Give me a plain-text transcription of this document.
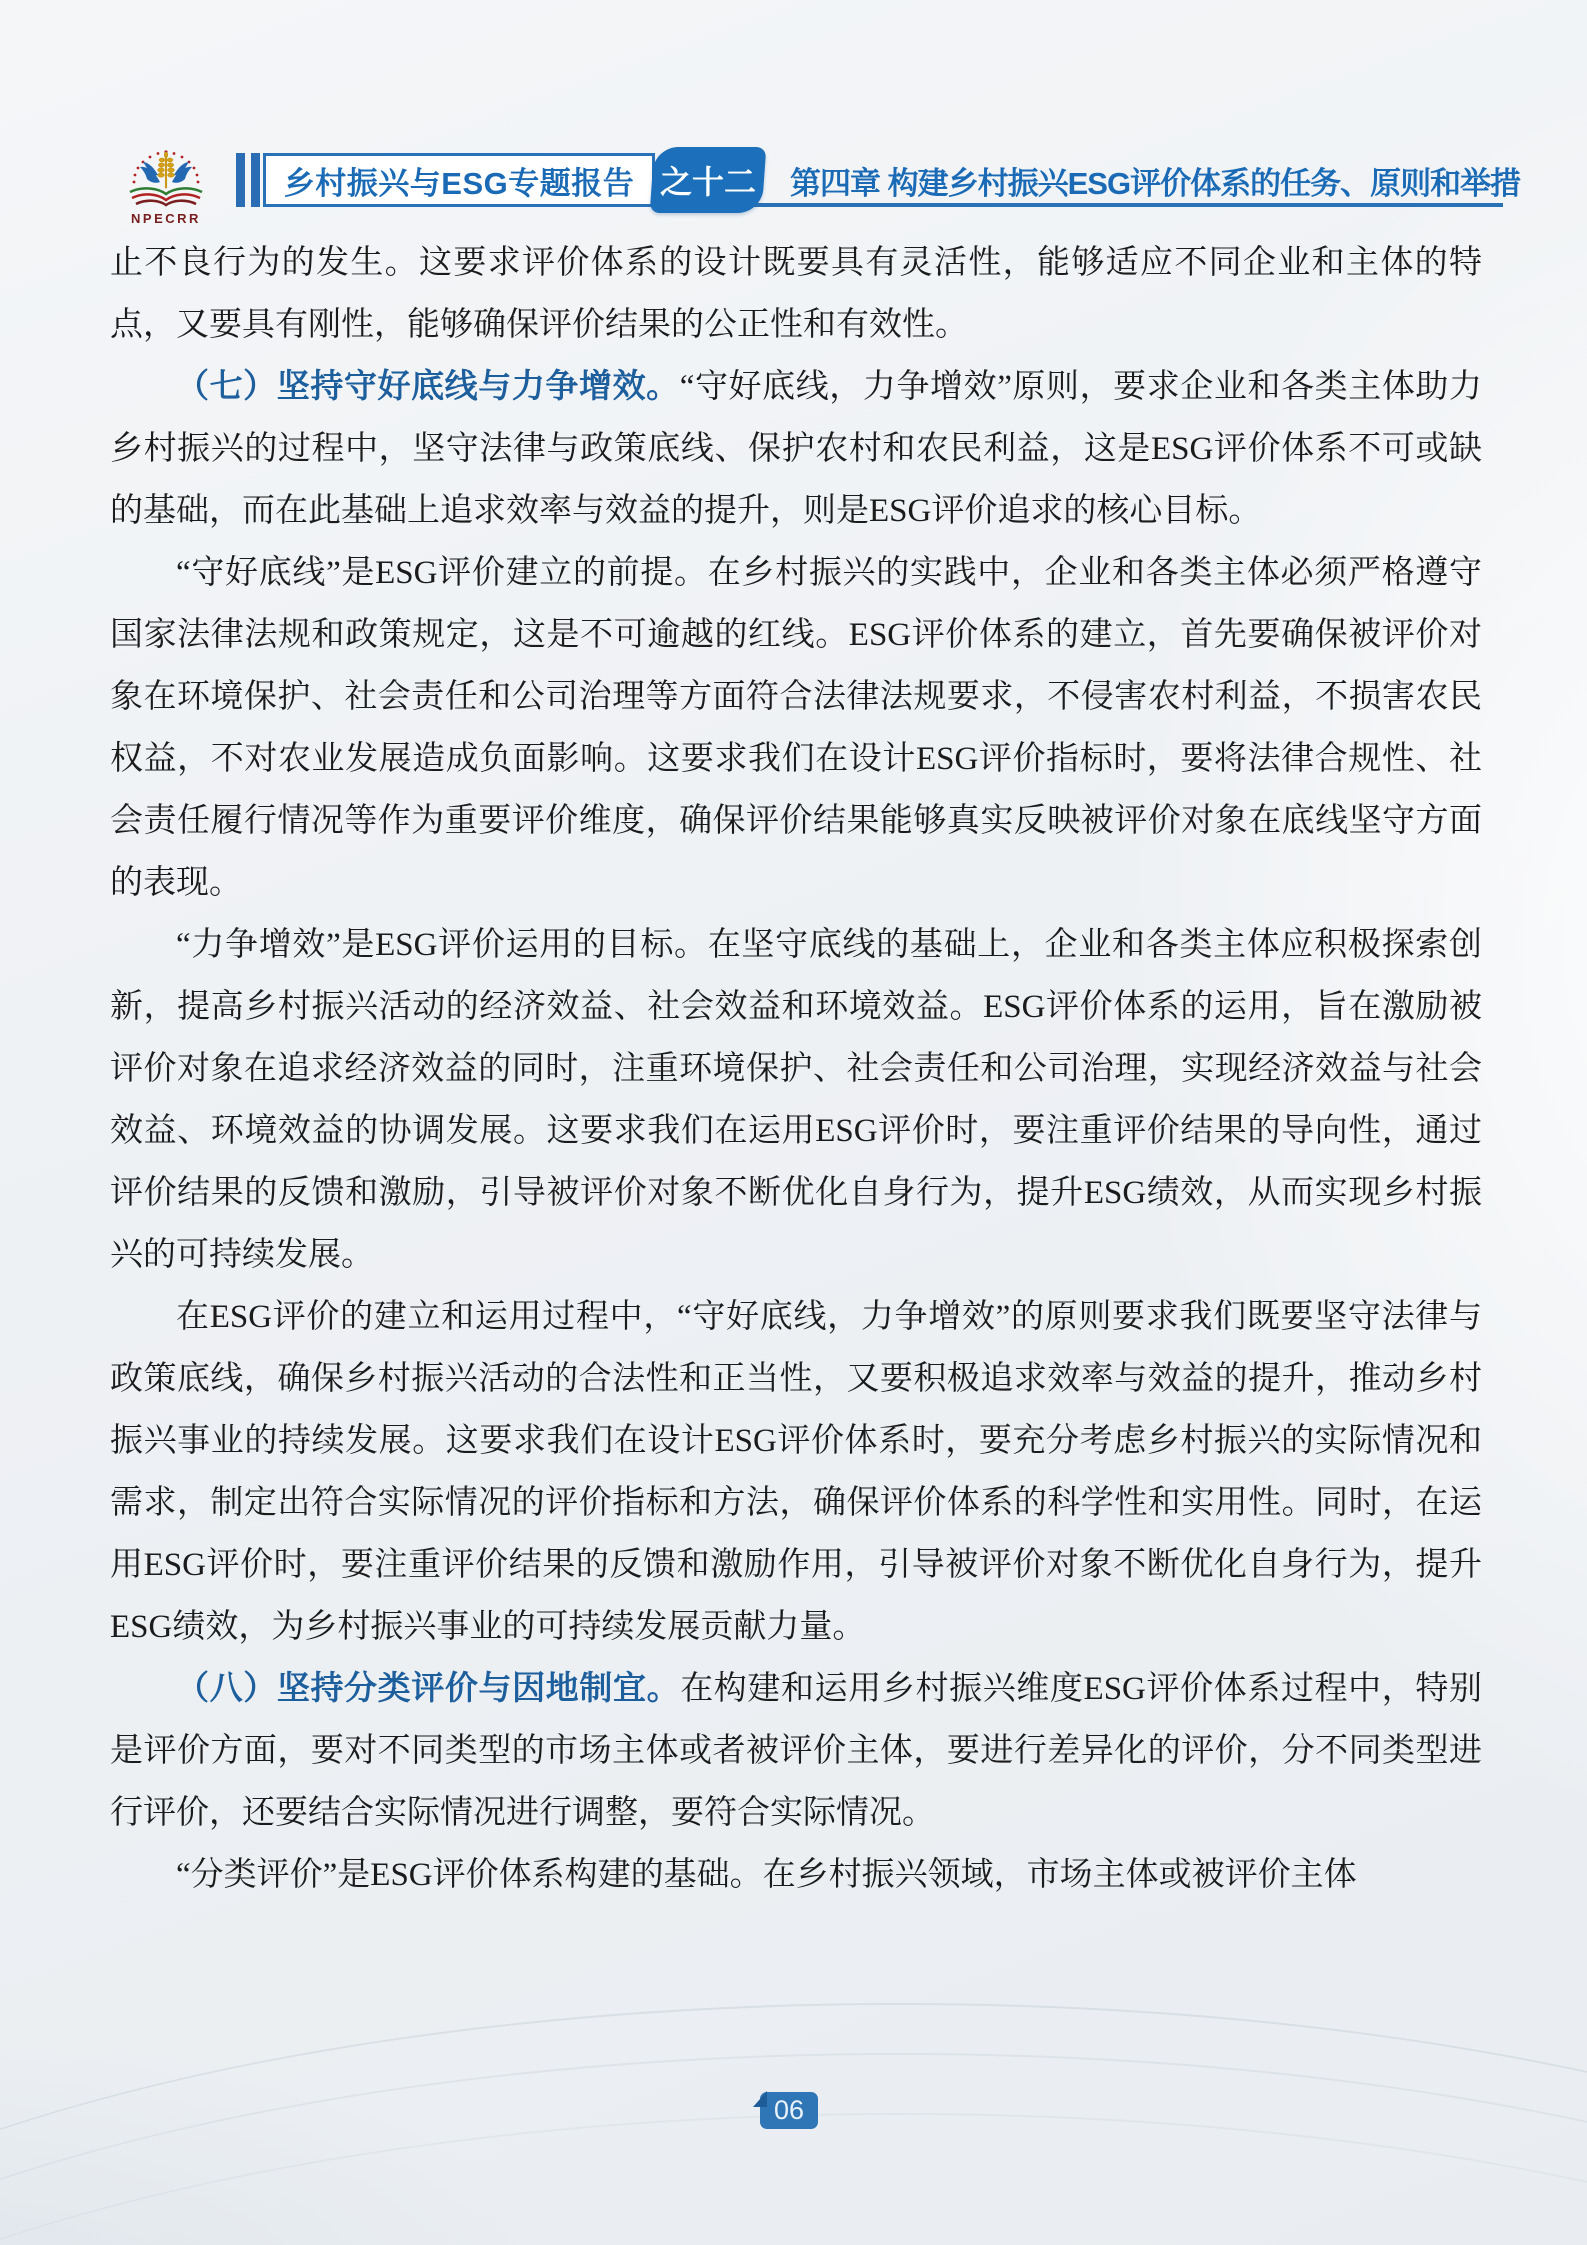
NPECRR
乡村振兴与ESG专题报告 之十二 第四章 构建乡村振兴ESG评价体系的任务、原则和举措

止不良行为的发生。这要求评价体系的设计既要具有灵活性，能够适应不同企业和主体的特点，又要具有刚性，能够确保评价结果的公正性和有效性。

（七）坚持守好底线与力争增效。“守好底线，力争增效”原则，要求企业和各类主体助力乡村振兴的过程中，坚守法律与政策底线、保护农村和农民利益，这是ESG评价体系不可或缺的基础，而在此基础上追求效率与效益的提升，则是ESG评价追求的核心目标。

“守好底线”是ESG评价建立的前提。在乡村振兴的实践中，企业和各类主体必须严格遵守国家法律法规和政策规定，这是不可逾越的红线。ESG评价体系的建立，首先要确保被评价对象在环境保护、社会责任和公司治理等方面符合法律法规要求，不侵害农村利益，不损害农民权益，不对农业发展造成负面影响。这要求我们在设计ESG评价指标时，要将法律合规性、社会责任履行情况等作为重要评价维度，确保评价结果能够真实反映被评价对象在底线坚守方面的表现。

“力争增效”是ESG评价运用的目标。在坚守底线的基础上，企业和各类主体应积极探索创新，提高乡村振兴活动的经济效益、社会效益和环境效益。ESG评价体系的运用，旨在激励被评价对象在追求经济效益的同时，注重环境保护、社会责任和公司治理，实现经济效益与社会效益、环境效益的协调发展。这要求我们在运用ESG评价时，要注重评价结果的导向性，通过评价结果的反馈和激励，引导被评价对象不断优化自身行为，提升ESG绩效，从而实现乡村振兴的可持续发展。

在ESG评价的建立和运用过程中，“守好底线，力争增效”的原则要求我们既要坚守法律与政策底线，确保乡村振兴活动的合法性和正当性，又要积极追求效率与效益的提升，推动乡村振兴事业的持续发展。这要求我们在设计ESG评价体系时，要充分考虑乡村振兴的实际情况和需求，制定出符合实际情况的评价指标和方法，确保评价体系的科学性和实用性。同时，在运用ESG评价时，要注重评价结果的反馈和激励作用，引导被评价对象不断优化自身行为，提升ESG绩效，为乡村振兴事业的可持续发展贡献力量。

（八）坚持分类评价与因地制宜。在构建和运用乡村振兴维度ESG评价体系过程中，特别是评价方面，要对不同类型的市场主体或者被评价主体，要进行差异化的评价，分不同类型进行评价，还要结合实际情况进行调整，要符合实际情况。

“分类评价”是ESG评价体系构建的基础。在乡村振兴领域，市场主体或被评价主体

06
